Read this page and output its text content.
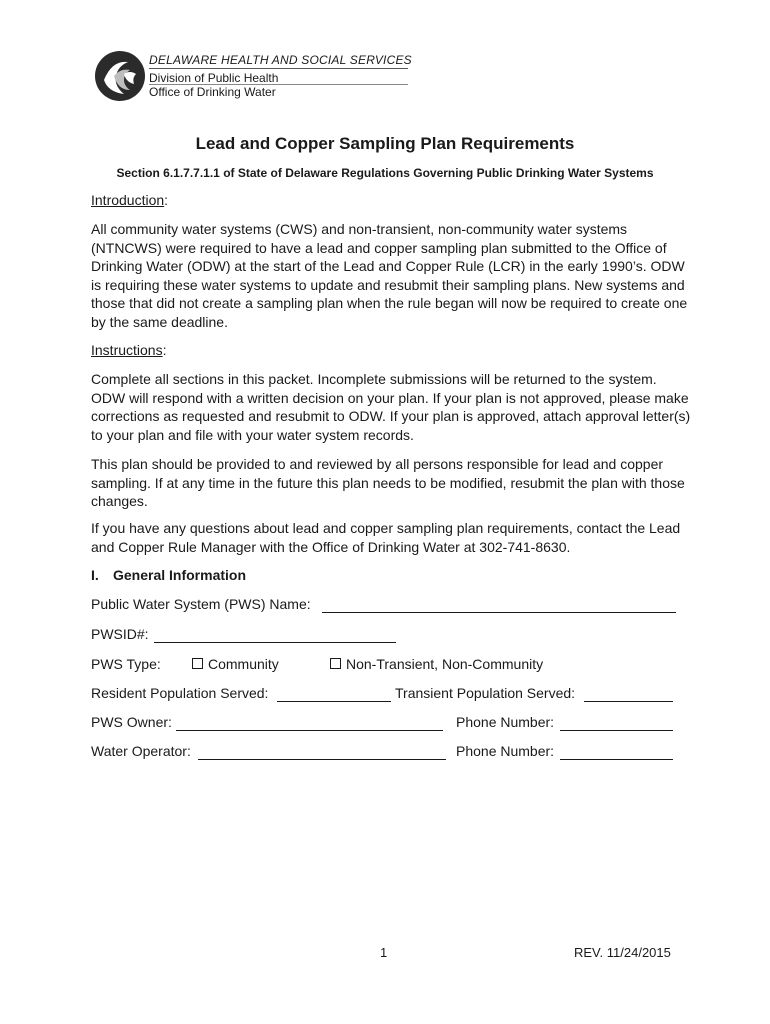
DELAWARE HEALTH AND SOCIAL SERVICES
Division of Public Health
Office of Drinking Water
Lead and Copper Sampling Plan Requirements
Section 6.1.7.7.1.1 of State of Delaware Regulations Governing Public Drinking Water Systems
Introduction:
All community water systems (CWS) and non-transient, non-community water systems (NTNCWS) were required to have a lead and copper sampling plan submitted to the Office of Drinking Water (ODW) at the start of the Lead and Copper Rule (LCR) in the early 1990’s. ODW is requiring these water systems to update and resubmit their sampling plans. New systems and those that did not create a sampling plan when the rule began will now be required to create one by the same deadline.
Instructions:
Complete all sections in this packet. Incomplete submissions will be returned to the system. ODW will respond with a written decision on your plan. If your plan is not approved, please make corrections as requested and resubmit to ODW. If your plan is approved, attach approval letter(s) to your plan and file with your water system records.
This plan should be provided to and reviewed by all persons responsible for lead and copper sampling. If at any time in the future this plan needs to be modified, resubmit the plan with those changes.
If you have any questions about lead and copper sampling plan requirements, contact the Lead and Copper Rule Manager with the Office of Drinking Water at 302-741-8630.
I. General Information
Public Water System (PWS) Name:
PWSID#:
PWS Type:	Community	Non-Transient, Non-Community
Resident Population Served:	Transient Population Served:
PWS Owner:	Phone Number:
Water Operator:	Phone Number:
1	REV. 11/24/2015
